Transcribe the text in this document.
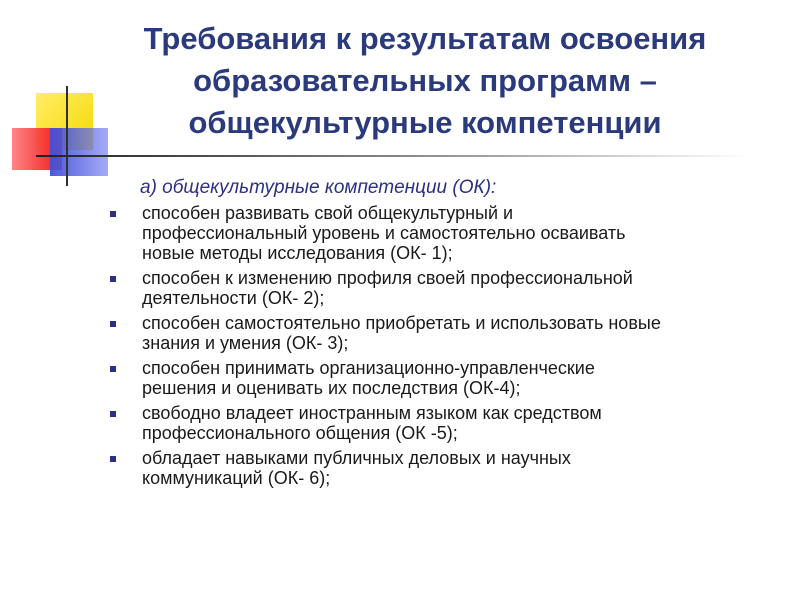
Требования к результатам освоения
образовательных программ –
общекультурные компетенции

а) общекультурные компетенции (ОК):

способен развивать свой общекультурный и
профессиональный уровень и самостоятельно осваивать
новые методы исследования (ОК- 1);
способен к изменению профиля своей профессиональной
деятельности (ОК- 2);
способен самостоятельно приобретать и использовать новые
знания и умения (ОК- 3);
способен принимать организационно-управленческие
решения и оценивать их последствия (ОК-4);
свободно владеет иностранным языком как средством
профессионального общения (ОК -5);
обладает навыками публичных деловых и научных
коммуникаций (ОК- 6);
